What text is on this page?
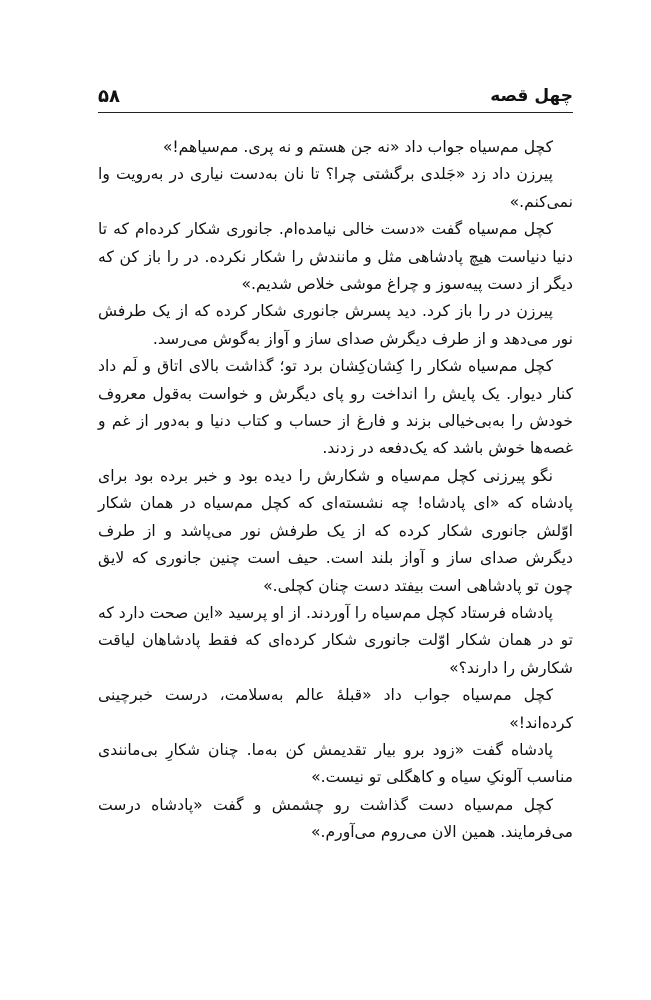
چهل قصه
۵۸

کچل مم‌سیاه جواب داد «نه جن هستم و نه پری. مم‌سیاهم!»

پیرزن داد زد «جَلدی برگشتی چرا؟ تا نان به‌دست نیاری در به‌رویت وا نمی‌کنم.»

کچل مم‌سیاه گفت «دست خالی نیامده‌ام. جانوری شکار کرده‌ام که تا دنیا دنیاست هیچ پادشاهی مثل و مانندش را شکار نکرده. در را باز کن که دیگر از دست پیه‌سوز و چراغ موشی خلاص شدیم.»

پیرزن در را باز کرد. دید پسرش جانوری شکار کرده که از یک طرفش نور می‌دهد و از طرف دیگرش صدای ساز و آواز به‌گوش می‌رسد.

کچل مم‌سیاه شکار را کِشان‌کِشان برد تو؛ گذاشت بالای اتاق و لَم داد کنار دیوار. یک پایش را انداخت رو پای دیگرش و خواست به‌قول معروف خودش را به‌بی‌خیالی بزند و فارغ از حساب و کتاب دنیا و به‌دور از غم و غصه‌ها خوش باشد که یک‌دفعه در زدند.

نگو پیرزنی کچل مم‌سیاه و شکارش را دیده بود و خبر برده بود برای پادشاه که «ای پادشاه! چه نشسته‌ای که کچل مم‌سیاه در همان شکار اوّلش جانوری شکار کرده که از یک طرفش نور می‌پاشد و از طرف دیگرش صدای ساز و آواز بلند است. حیف است چنین جانوری که لایق چون تو پادشاهی است بیفتد دست چنان کچلی.»

پادشاه فرستاد کچل مم‌سیاه را آوردند. از او پرسید «این صحت دارد که تو در همان شکار اوّلت جانوری شکار کرده‌ای که فقط پادشاهان لیاقت شکارش را دارند؟»

کچل مم‌سیاه جواب داد «قبلهٔ عالم به‌سلامت، درست خبرچینی کرده‌اند!»

پادشاه گفت «زود برو بیار تقدیمش کن به‌ما. چنان شکارِ بی‌مانندی مناسب آلونکِ سیاه و کاهگلی تو نیست.»

کچل مم‌سیاه دست گذاشت رو چشمش و گفت «پادشاه درست می‌فرمایند. همین الان می‌روم می‌آورم.»
